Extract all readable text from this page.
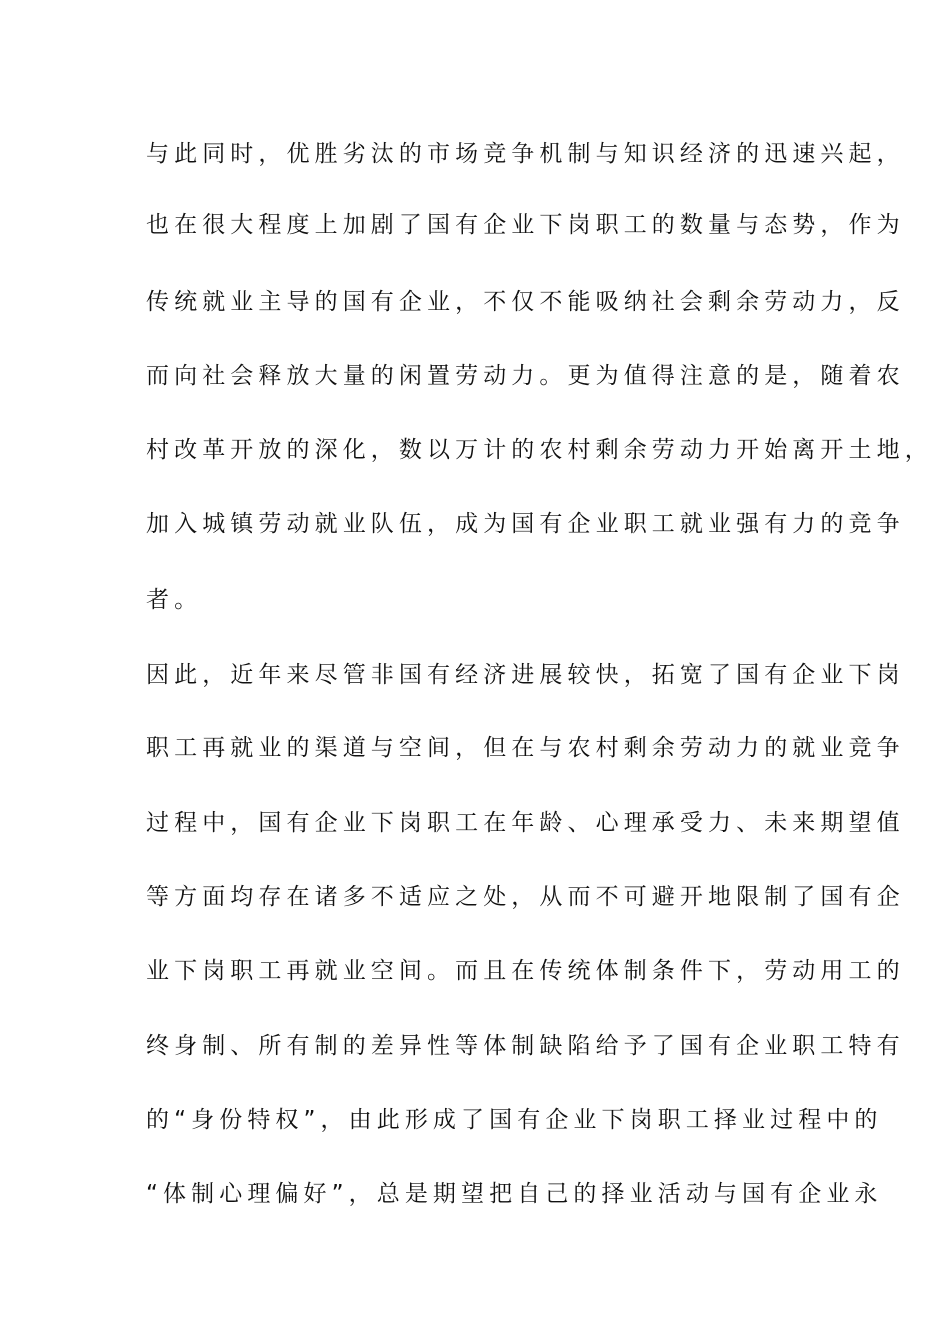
与此同时，优胜劣汰的市场竞争机制与知识经济的迅速兴起，
也在很大程度上加剧了国有企业下岗职工的数量与态势，作为
传统就业主导的国有企业，不仅不能吸纳社会剩余劳动力，反
而向社会释放大量的闲置劳动力。更为值得注意的是，随着农
村改革开放的深化，数以万计的农村剩余劳动力开始离开土地，
加入城镇劳动就业队伍，成为国有企业职工就业强有力的竞争
者。
因此，近年来尽管非国有经济进展较快，拓宽了国有企业下岗
职工再就业的渠道与空间，但在与农村剩余劳动力的就业竞争
过程中，国有企业下岗职工在年龄、心理承受力、未来期望值
等方面均存在诸多不适应之处，从而不可避开地限制了国有企
业下岗职工再就业空间。而且在传统体制条件下，劳动用工的
终身制、所有制的差异性等体制缺陷给予了国有企业职工特有
的“身份特权”，由此形成了国有企业下岗职工择业过程中的
“体制心理偏好”，总是期望把自己的择业活动与国有企业永
